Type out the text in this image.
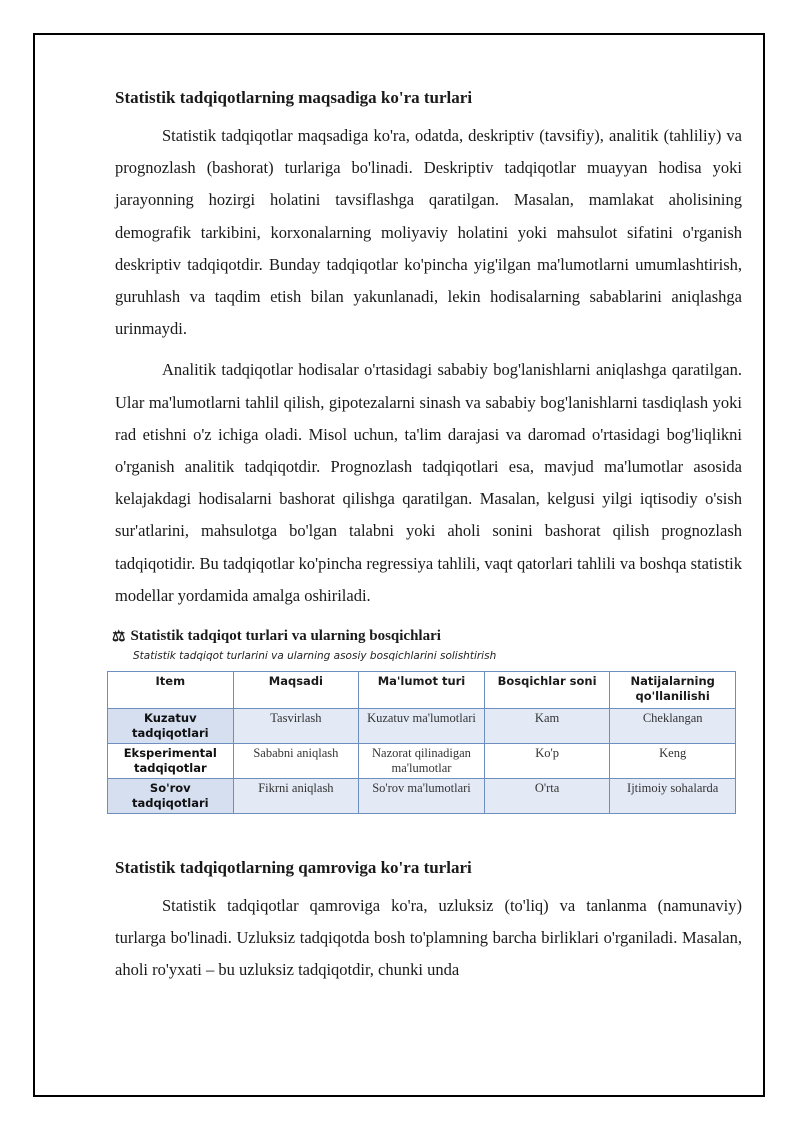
Statistik tadqiqotlarning maqsadiga ko'ra turlari

Statistik tadqiqotlar maqsadiga ko'ra, odatda, deskriptiv (tavsifiy), analitik (tahliliy) va prognozlash (bashorat) turlariga bo'linadi. Deskriptiv tadqiqotlar muayyan hodisa yoki jarayonning hozirgi holatini tavsiflashga qaratilgan. Masalan, mamlakat aholisining demografik tarkibini, korxonalarning moliyaviy holatini yoki mahsulot sifatini o'rganish deskriptiv tadqiqotdir. Bunday tadqiqotlar ko'pincha yig'ilgan ma'lumotlarni umumlashtirish, guruhlash va taqdim etish bilan yakunlanadi, lekin hodisalarning sabablarini aniqlashga urinmaydi.

Analitik tadqiqotlar hodisalar o'rtasidagi sababiy bog'lanishlarni aniqlashga qaratilgan. Ular ma'lumotlarni tahlil qilish, gipotezalarni sinash va sababiy bog'lanishlarni tasdiqlash yoki rad etishni o'z ichiga oladi. Misol uchun, ta'lim darajasi va daromad o'rtasidagi bog'liqlikni o'rganish analitik tadqiqotdir. Prognozlash tadqiqotlari esa, mavjud ma'lumotlar asosida kelajakdagi hodisalarni bashorat qilishga qaratilgan. Masalan, kelgusi yilgi iqtisodiy o'sish sur'atlarini, mahsulotga bo'lgan talabni yoki aholi sonini bashorat qilish prognozlash tadqiqotidir. Bu tadqiqotlar ko'pincha regressiya tahlili, vaqt qatorlari tahlili va boshqa statistik modellar yordamida amalga oshiriladi.

⚖ Statistik tadqiqot turlari va ularning bosqichlari
Statistik tadqiqot turlarini va ularning asosiy bosqichlarini solishtirish
Item	Maqsadi	Ma'lumot turi	Bosqichlar soni	Natijalarning qo'llanilishi
Kuzatuv tadqiqotlari	Tasvirlash	Kuzatuv ma'lumotlari	Kam	Cheklangan
Eksperimental tadqiqotlar	Sababni aniqlash	Nazorat qilinadigan ma'lumotlar	Ko'p	Keng
So'rov tadqiqotlari	Fikrni aniqlash	So'rov ma'lumotlari	O'rta	Ijtimoiy sohalarda
Statistik tadqiqotlarning qamroviga ko'ra turlari

Statistik tadqiqotlar qamroviga ko'ra, uzluksiz (to'liq) va tanlanma (namunaviy) turlarga bo'linadi. Uzluksiz tadqiqotda bosh to'plamning barcha birliklari o'rganiladi. Masalan, aholi ro'yxati – bu uzluksiz tadqiqotdir, chunki unda
